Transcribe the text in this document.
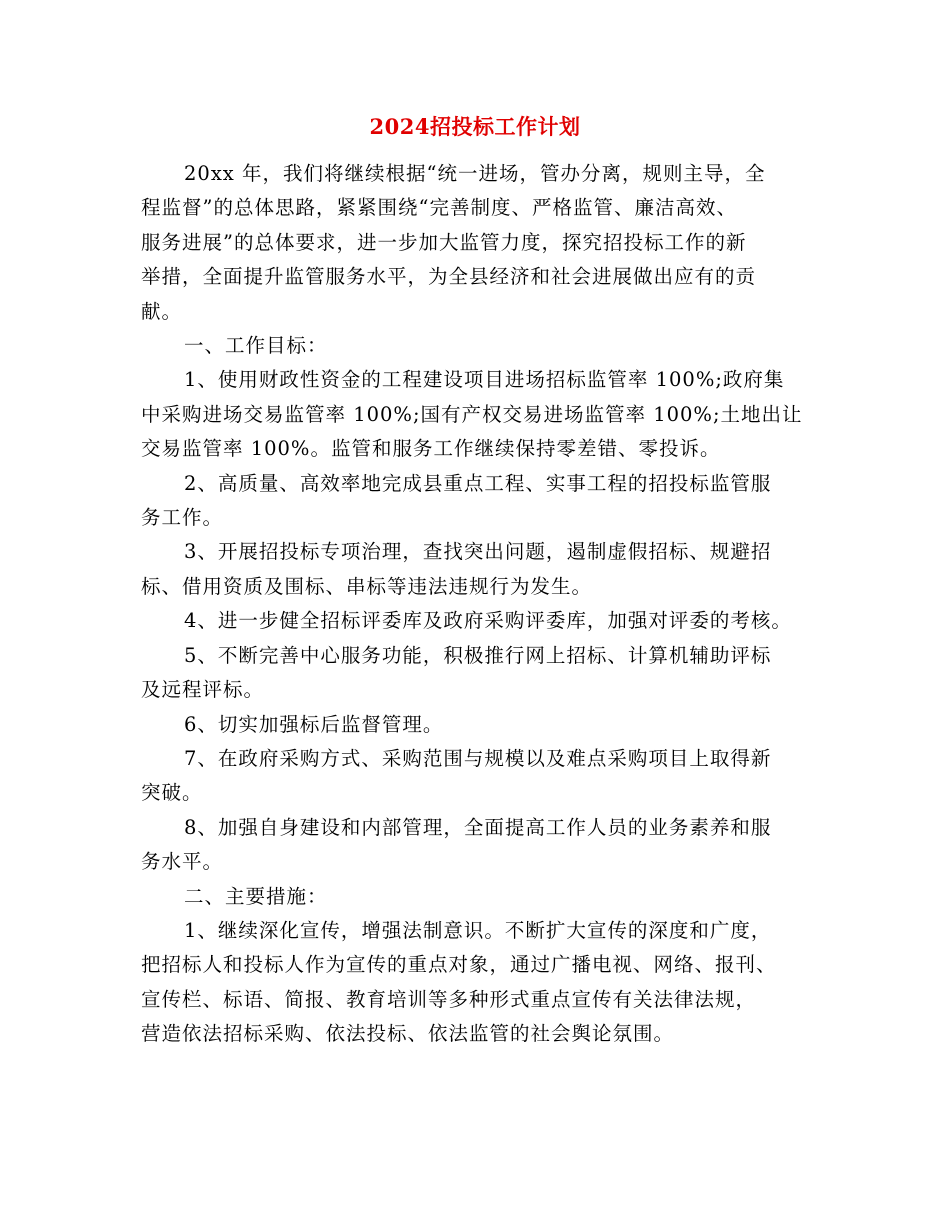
2024招投标工作计划
20xx 年，我们将继续根据“统一进场，管办分离，规则主导，全
程监督”的总体思路，紧紧围绕“完善制度、严格监管、廉洁高效、
服务进展”的总体要求，进一步加大监管力度，探究招投标工作的新
举措，全面提升监管服务水平，为全县经济和社会进展做出应有的贡
献。
一、工作目标：
1、使用财政性资金的工程建设项目进场招标监管率 100%;政府集
中采购进场交易监管率 100%;国有产权交易进场监管率 100%;土地出让
交易监管率 100%。监管和服务工作继续保持零差错、零投诉。
2、高质量、高效率地完成县重点工程、实事工程的招投标监管服
务工作。
3、开展招投标专项治理，查找突出问题，遏制虚假招标、规避招
标、借用资质及围标、串标等违法违规行为发生。
4、进一步健全招标评委库及政府采购评委库，加强对评委的考核。
5、不断完善中心服务功能，积极推行网上招标、计算机辅助评标
及远程评标。
6、切实加强标后监督管理。
7、在政府采购方式、采购范围与规模以及难点采购项目上取得新
突破。
8、加强自身建设和内部管理，全面提高工作人员的业务素养和服
务水平。
二、主要措施：
1、继续深化宣传，增强法制意识。不断扩大宣传的深度和广度，
把招标人和投标人作为宣传的重点对象，通过广播电视、网络、报刊、
宣传栏、标语、简报、教育培训等多种形式重点宣传有关法律法规，
营造依法招标采购、依法投标、依法监管的社会舆论氛围。
